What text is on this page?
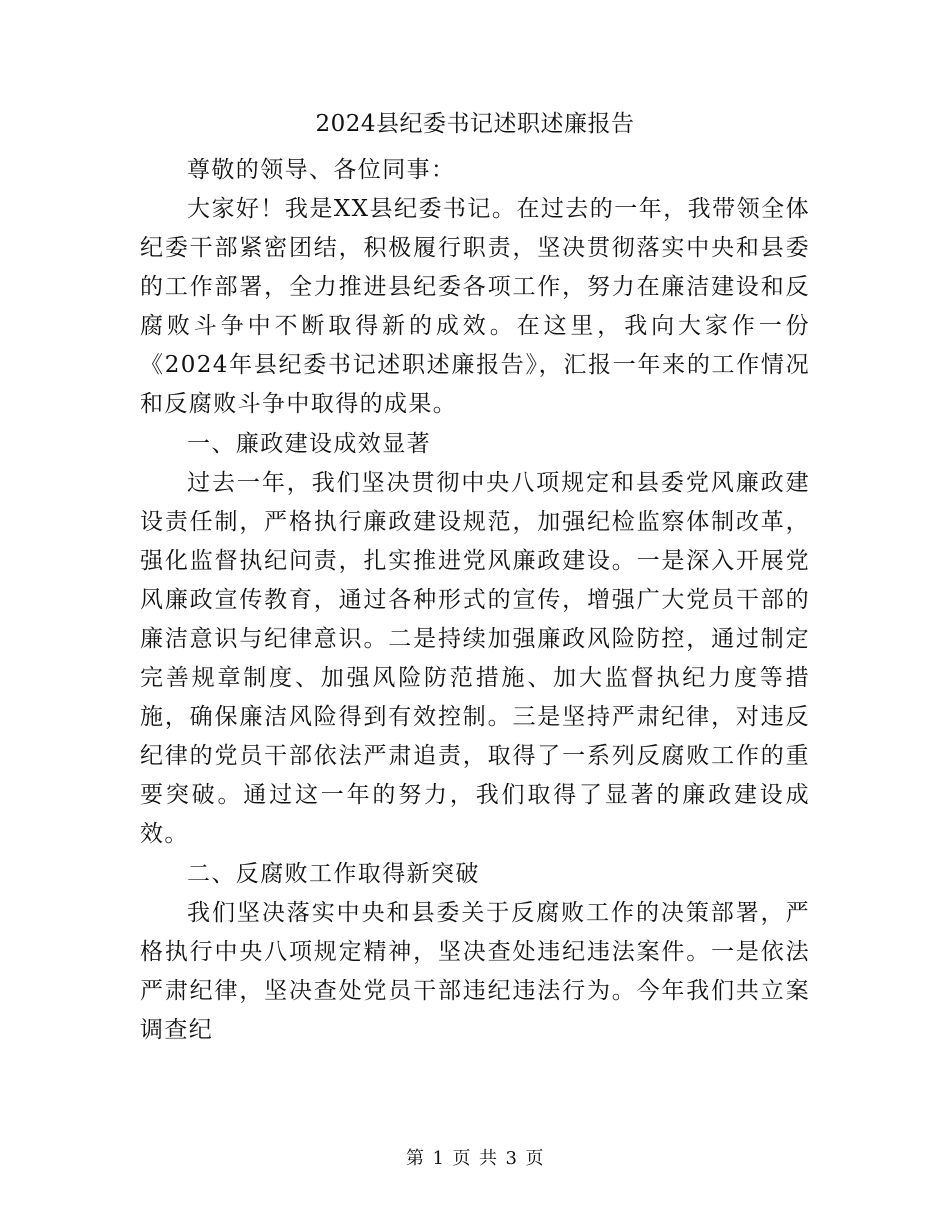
2024县纪委书记述职述廉报告

尊敬的领导、各位同事：

大家好！我是XX县纪委书记。在过去的一年，我带领全体纪委干部紧密团结，积极履行职责，坚决贯彻落实中央和县委的工作部署，全力推进县纪委各项工作，努力在廉洁建设和反腐败斗争中不断取得新的成效。在这里，我向大家作一份《2024年县纪委书记述职述廉报告》，汇报一年来的工作情况和反腐败斗争中取得的成果。

一、廉政建设成效显著

过去一年，我们坚决贯彻中央八项规定和县委党风廉政建设责任制，严格执行廉政建设规范，加强纪检监察体制改革，强化监督执纪问责，扎实推进党风廉政建设。一是深入开展党风廉政宣传教育，通过各种形式的宣传，增强广大党员干部的廉洁意识与纪律意识。二是持续加强廉政风险防控，通过制定完善规章制度、加强风险防范措施、加大监督执纪力度等措施，确保廉洁风险得到有效控制。三是坚持严肃纪律，对违反纪律的党员干部依法严肃追责，取得了一系列反腐败工作的重要突破。通过这一年的努力，我们取得了显著的廉政建设成效。

二、反腐败工作取得新突破

我们坚决落实中央和县委关于反腐败工作的决策部署，严格执行中央八项规定精神，坚决查处违纪违法案件。一是依法严肃纪律，坚决查处党员干部违纪违法行为。今年我们共立案调查纪

第 1 页 共 3 页
